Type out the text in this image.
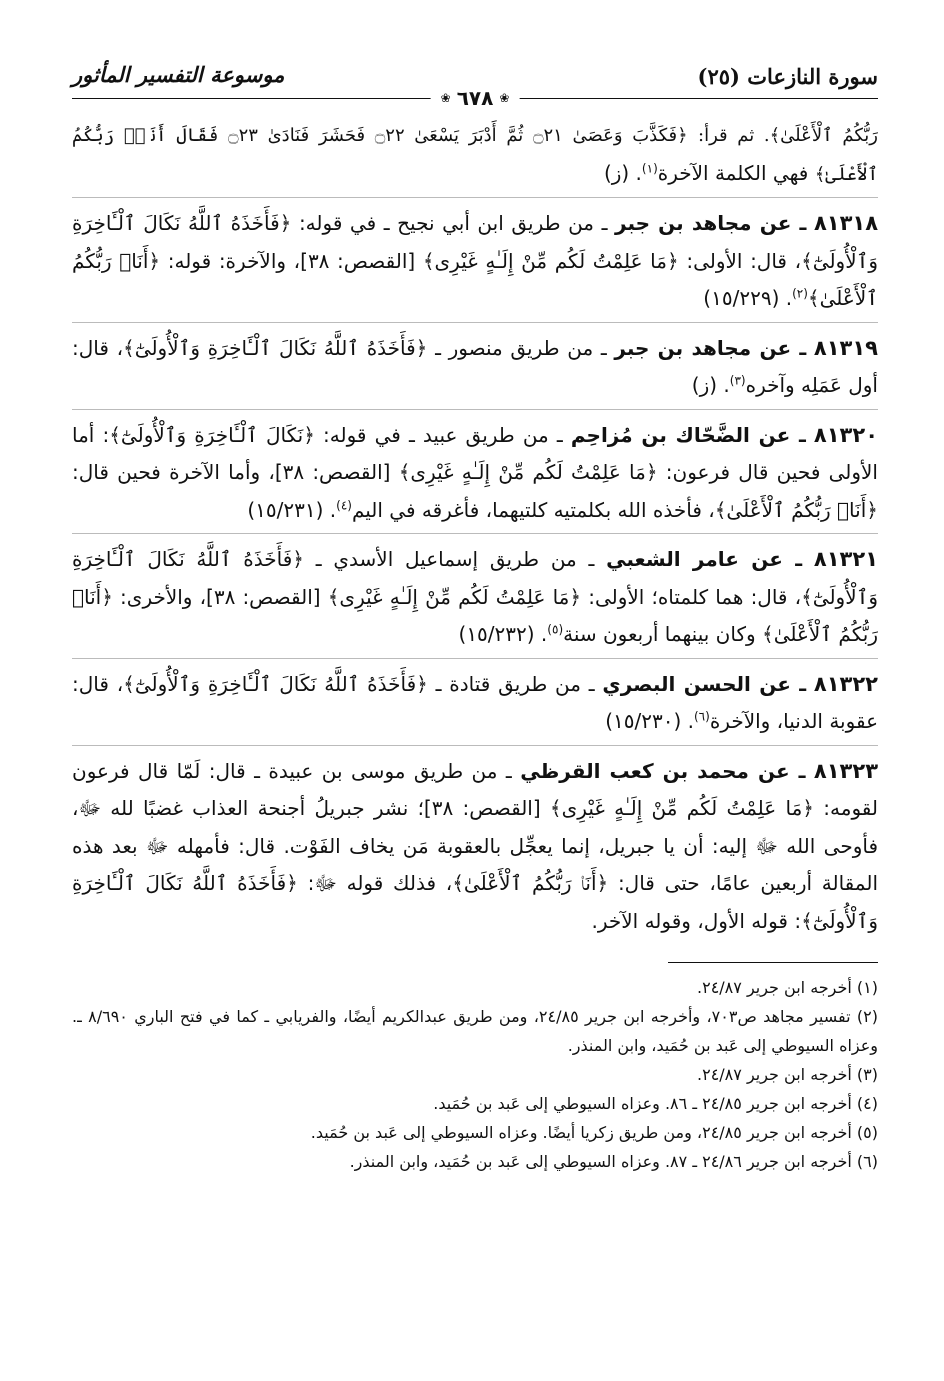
سورة النازعات (٢٥)
موسوعة التفسير المأثور
❀
٦٧٨
❀

رَبُّكُمُ ٱلْأَعْلَىٰ﴾. ثم قرأ: ﴿فَكَذَّبَ وَعَصَىٰ ۝٢١ ثُمَّ أَدْبَرَ يَسْعَىٰ ۝٢٢ فَحَشَرَ فَنَادَىٰ ۝٢٣ فَقَالَ أَنَا۠ رَبُّكُمُ ٱلْأَعْلَىٰ﴾ فهي الكلمة الآخرة$^{(١)}$. (ز)

٨١٣١٨ ـ عن مجاهد بن جبر ـ من طريق ابن أبي نجيح ـ في قوله: ﴿فَأَخَذَهُ ٱللَّهُ نَكَالَ ٱلْـَٔاخِرَةِ وَٱلْأُولَىٰٓ﴾، قال: الأولى: ﴿مَا عَلِمْتُ لَكُم مِّنْ إِلَـٰهٍ غَيْرِى﴾ [القصص: ٣٨]، والآخرة: قوله: ﴿أَنَا۠ رَبُّكُمُ ٱلْأَعْلَىٰ﴾$^{(٢)}$. (١٥/٢٢٩)

٨١٣١٩ ـ عن مجاهد بن جبر ـ من طريق منصور ـ ﴿فَأَخَذَهُ ٱللَّهُ نَكَالَ ٱلْـَٔاخِرَةِ وَٱلْأُولَىٰٓ﴾، قال: أول عَمَلِه وآخره$^{(٣)}$. (ز)

٨١٣٢٠ ـ عن الضَّحّاك بن مُزاحِم ـ من طريق عبيد ـ في قوله: ﴿نَكَالَ ٱلْـَٔاخِرَةِ وَٱلْأُولَىٰٓ﴾: أما الأولى فحين قال فرعون: ﴿مَا عَلِمْتُ لَكُم مِّنْ إِلَـٰهٍ غَيْرِى﴾ [القصص: ٣٨]، وأما الآخرة فحين قال: ﴿أَنَا۠ رَبُّكُمُ ٱلْأَعْلَىٰ﴾، فأخذه الله بكلمتيه كلتيهما، فأغرقه في اليم$^{(٤)}$. (١٥/٢٣١)

٨١٣٢١ ـ عن عامر الشعبي ـ من طريق إسماعيل الأسدي ـ ﴿فَأَخَذَهُ ٱللَّهُ نَكَالَ ٱلْـَٔاخِرَةِ وَٱلْأُولَىٰٓ﴾، قال: هما كلمتاه؛ الأولى: ﴿مَا عَلِمْتُ لَكُم مِّنْ إِلَـٰهٍ غَيْرِى﴾ [القصص: ٣٨]، والأخرى: ﴿أَنَا۠ رَبُّكُمُ ٱلْأَعْلَىٰ﴾ وكان بينهما أربعون سنة$^{(٥)}$. (١٥/٢٣٢)

٨١٣٢٢ ـ عن الحسن البصري ـ من طريق قتادة ـ ﴿فَأَخَذَهُ ٱللَّهُ نَكَالَ ٱلْـَٔاخِرَةِ وَٱلْأُولَىٰٓ﴾، قال: عقوبة الدنيا، والآخرة$^{(٦)}$. (١٥/٢٣٠)

٨١٣٢٣ ـ عن محمد بن كعب القرظي ـ من طريق موسى بن عبيدة ـ قال: لَمّا قال فرعون لقومه: ﴿مَا عَلِمْتُ لَكُم مِّنْ إِلَـٰهٍ غَيْرِى﴾ [القصص: ٣٨]؛ نشر جبريلُ أجنحة العذاب غضبًا لله ﷻ، فأوحى الله ﷻ إليه: أن يا جبريل، إنما يعجِّل بالعقوبة مَن يخاف الفَوْت. قال: فأمهله ﷻ بعد هذه المقالة أربعين عامًا، حتى قال: ﴿أَنَا۠ رَبُّكُمُ ٱلْأَعْلَىٰ﴾، فذلك قوله ﷻ: ﴿فَأَخَذَهُ ٱللَّهُ نَكَالَ ٱلْـَٔاخِرَةِ وَٱلْأُولَىٰٓ﴾: قوله الأول، وقوله الآخر.

(١) أخرجه ابن جرير ٢٤/٨٧.

(٢) تفسير مجاهد ص٧٠٣، وأخرجه ابن جرير ٢٤/٨٥، ومن طريق عبدالكريم أيضًا، والفريابي ـ كما في فتح الباري ٨/٦٩٠ ـ. وعزاه السيوطي إلى عَبد بن حُمَيد، وابن المنذر.

(٣) أخرجه ابن جرير ٢٤/٨٧.

(٤) أخرجه ابن جرير ٢٤/٨٥ ـ ٨٦. وعزاه السيوطي إلى عَبد بن حُمَيد.

(٥) أخرجه ابن جرير ٢٤/٨٥، ومن طريق زكريا أيضًا. وعزاه السيوطي إلى عَبد بن حُمَيد.

(٦) أخرجه ابن جرير ٢٤/٨٦ ـ ٨٧. وعزاه السيوطي إلى عَبد بن حُمَيد، وابن المنذر.
